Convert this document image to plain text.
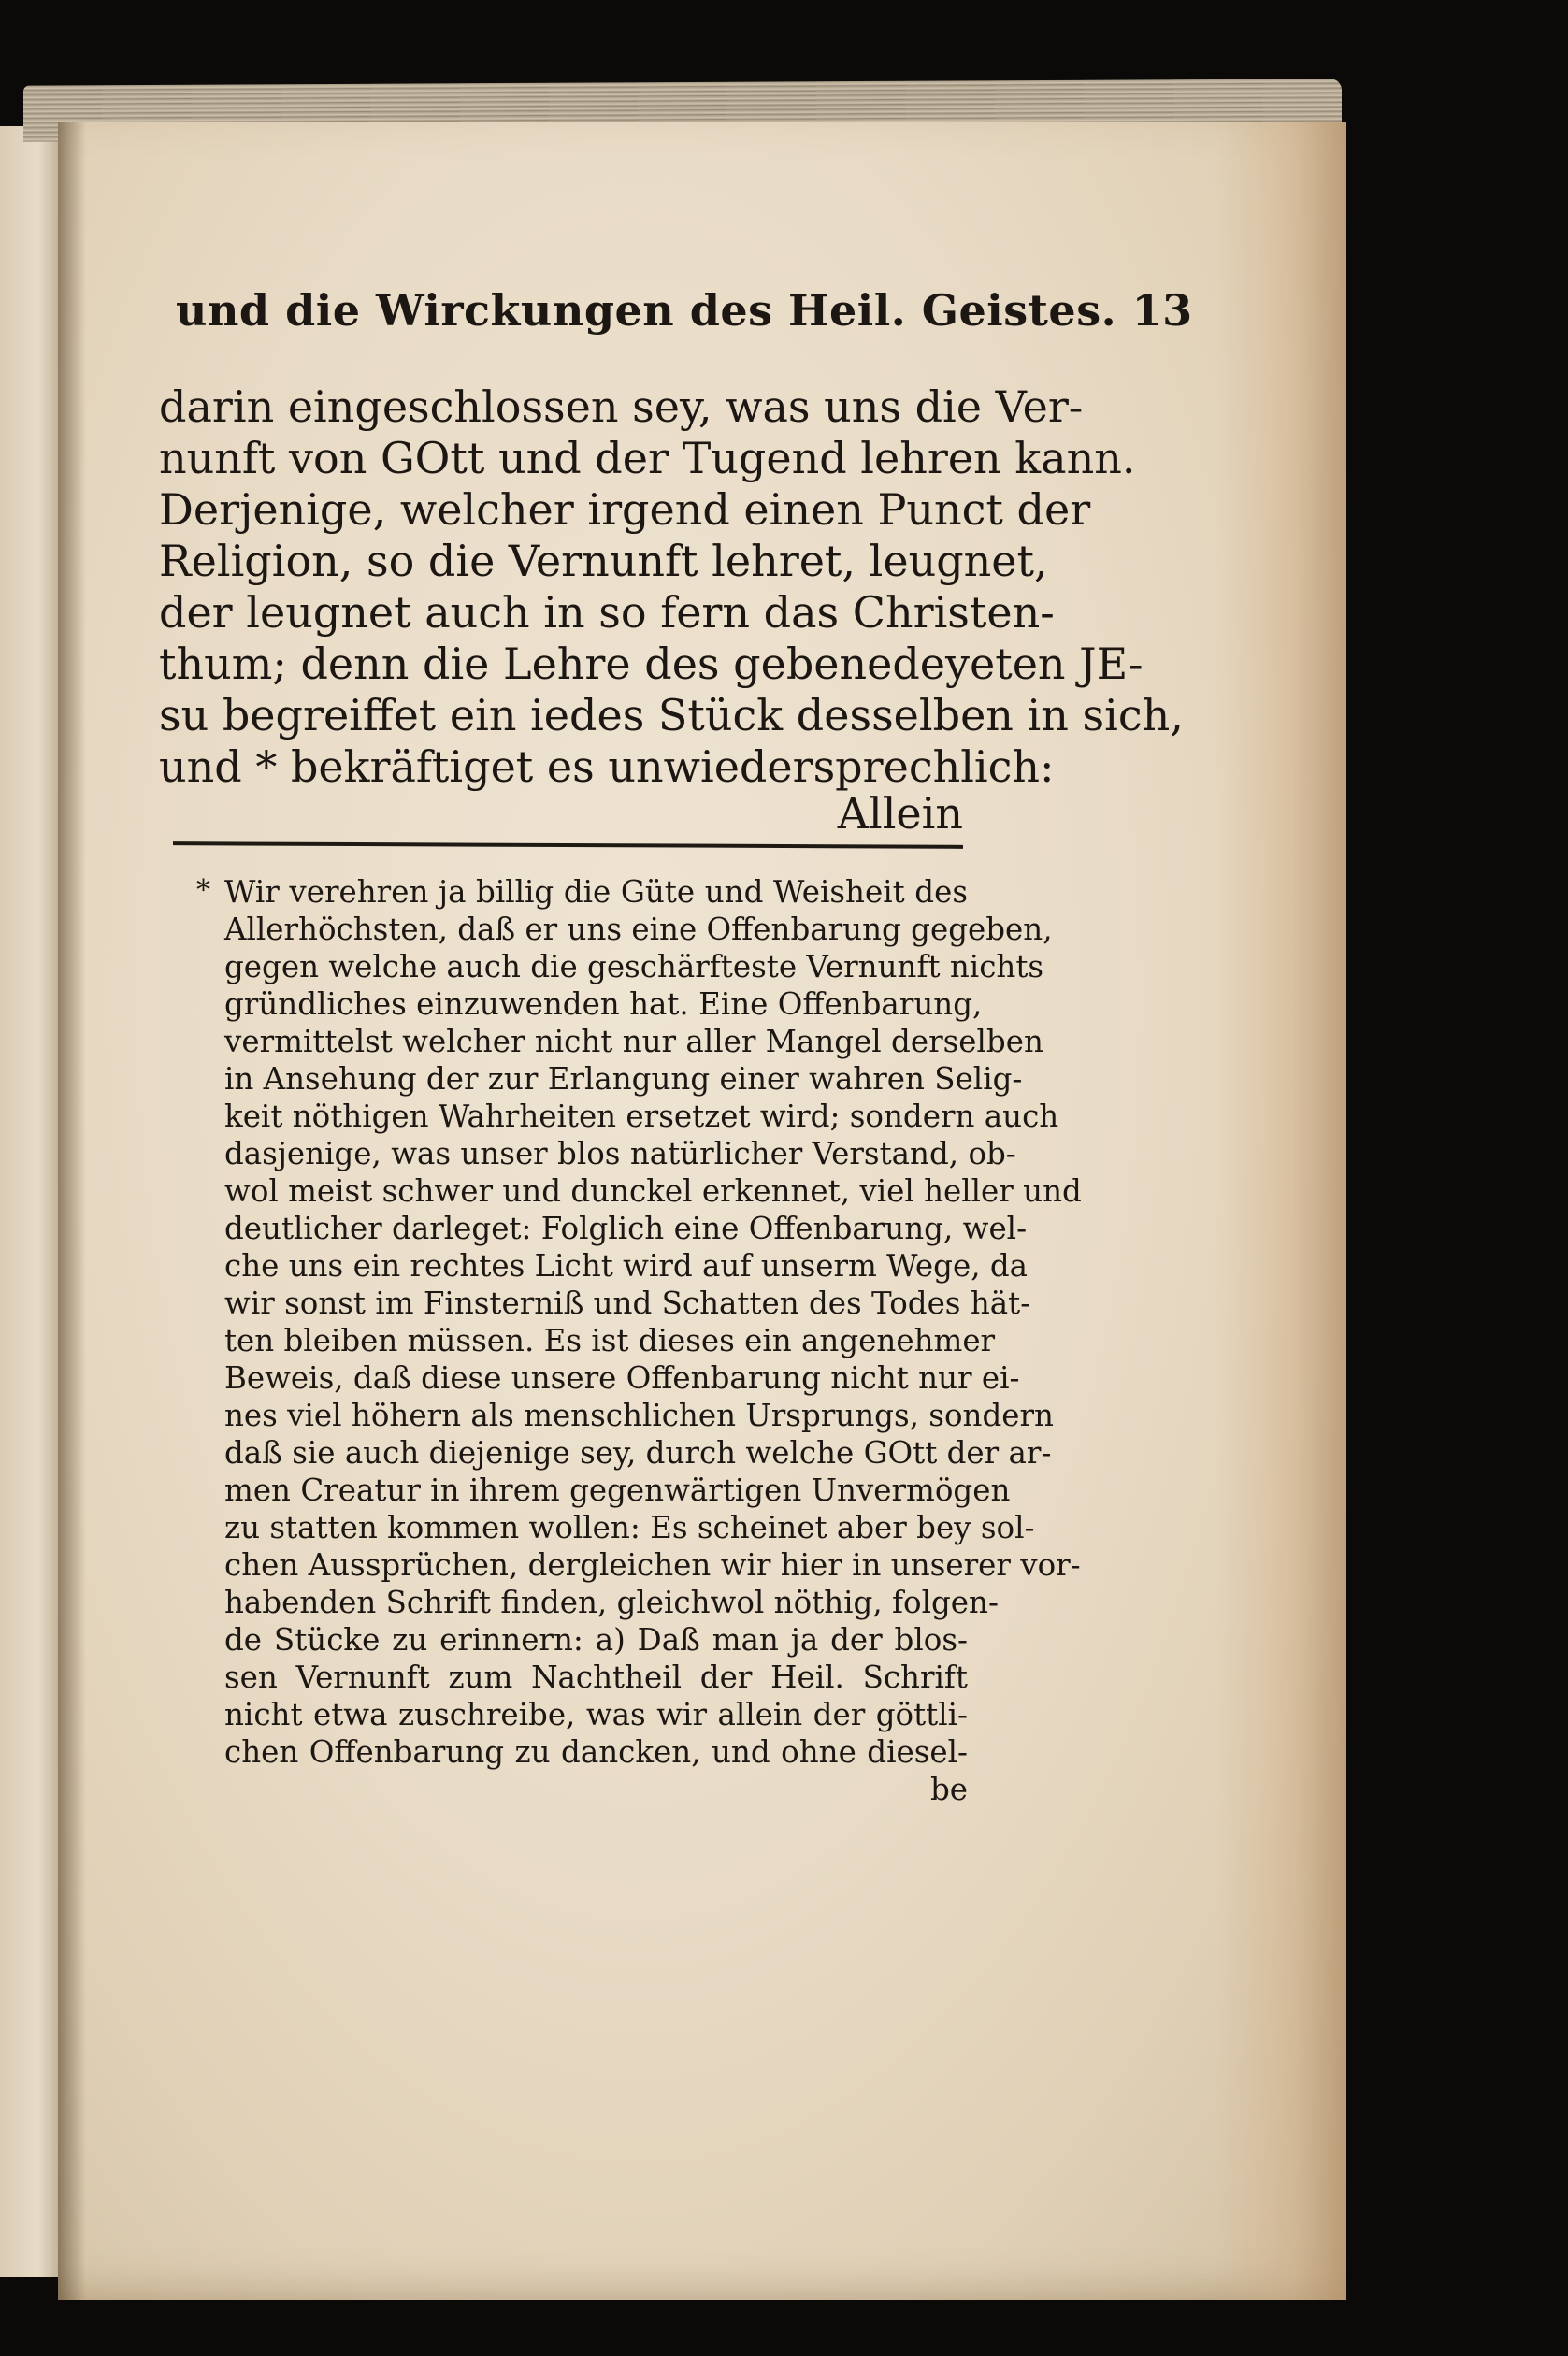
und die Wirckungen des Heil. Geistes. 13
darin eingeschlossen sey, was uns die Ver-
nunft von GOtt und der Tugend lehren kann.
Derjenige, welcher irgend einen Punct der
Religion, so die Vernunft lehret, leugnet,
der leugnet auch in so fern das Christen-
thum; denn die Lehre des gebenedeyeten JE-
su begreiffet ein iedes Stück desselben in sich,
und * bekräftiget es unwiedersprechlich:
Allein
* Wir verehren ja billig die Güte und Weisheit des
Allerhöchsten, daß er uns eine Offenbarung gegeben,
gegen welche auch die geschärfteste Vernunft nichts
gründliches einzuwenden hat. Eine Offenbarung,
vermittelst welcher nicht nur aller Mangel derselben
in Ansehung der zur Erlangung einer wahren Selig-
keit nöthigen Wahrheiten ersetzet wird; sondern auch
dasjenige, was unser blos natürlicher Verstand, ob-
wol meist schwer und dunckel erkennet, viel heller und
deutlicher darleget: Folglich eine Offenbarung, wel-
che uns ein rechtes Licht wird auf unserm Wege, da
wir sonst im Finsterniß und Schatten des Todes hät-
ten bleiben müssen. Es ist dieses ein angenehmer
Beweis, daß diese unsere Offenbarung nicht nur ei-
nes viel höhern als menschlichen Ursprungs, sondern
daß sie auch diejenige sey, durch welche GOtt der ar-
men Creatur in ihrem gegenwärtigen Unvermögen
zu statten kommen wollen: Es scheinet aber bey sol-
chen Aussprüchen, dergleichen wir hier in unserer vor-
habenden Schrift finden, gleichwol nöthig, folgen-
de Stücke zu erinnern: a) Daß man ja der blos-
sen Vernunft zum Nachtheil der Heil. Schrift
nicht etwa zuschreibe, was wir allein der göttli-
chen Offenbarung zu dancken, und ohne diesel-
be
